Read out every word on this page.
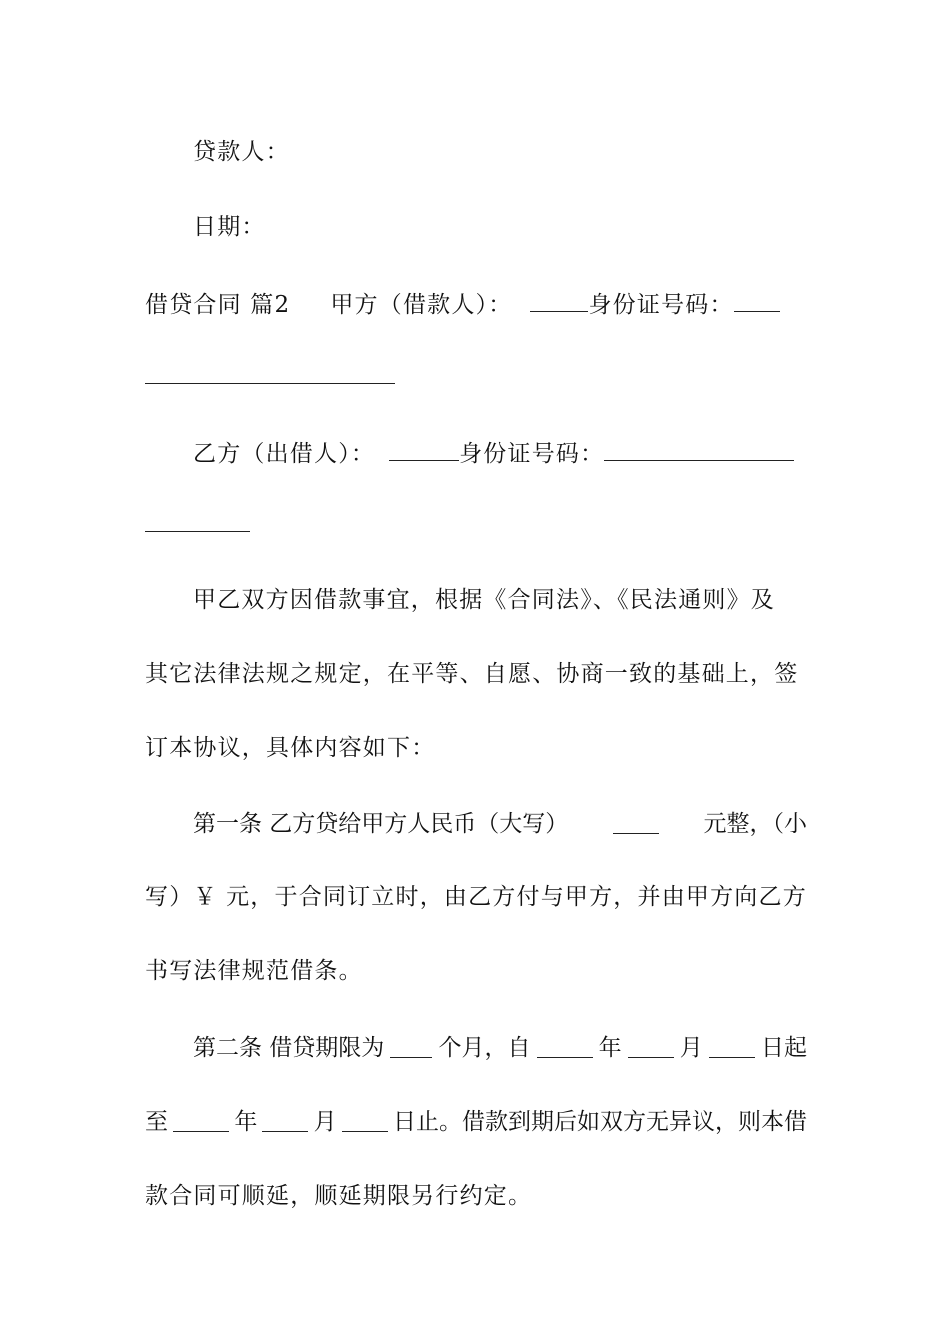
贷款人：
日期：
借贷合同 篇2 甲方（借款人）：	身份证号码：
乙方（出借人）：	身份证号码：
甲乙双方因借款事宜，根据《合同法》、《民法通则》及
其它法律法规之规定，在平等、自愿、协商一致的基础上，签
订本协议，具体内容如下：
第一条 乙方贷给甲方人民币（大写）	元整，（小
写）￥ 元，于合同订立时，由乙方付与甲方，并由甲方向乙方
书写法律规范借条。
第二条 借贷期限为 个月，自	年	月	日起
至	年 月 日止。借款到期后如双方无异议，则本借
款合同可顺延，顺延期限另行约定。
